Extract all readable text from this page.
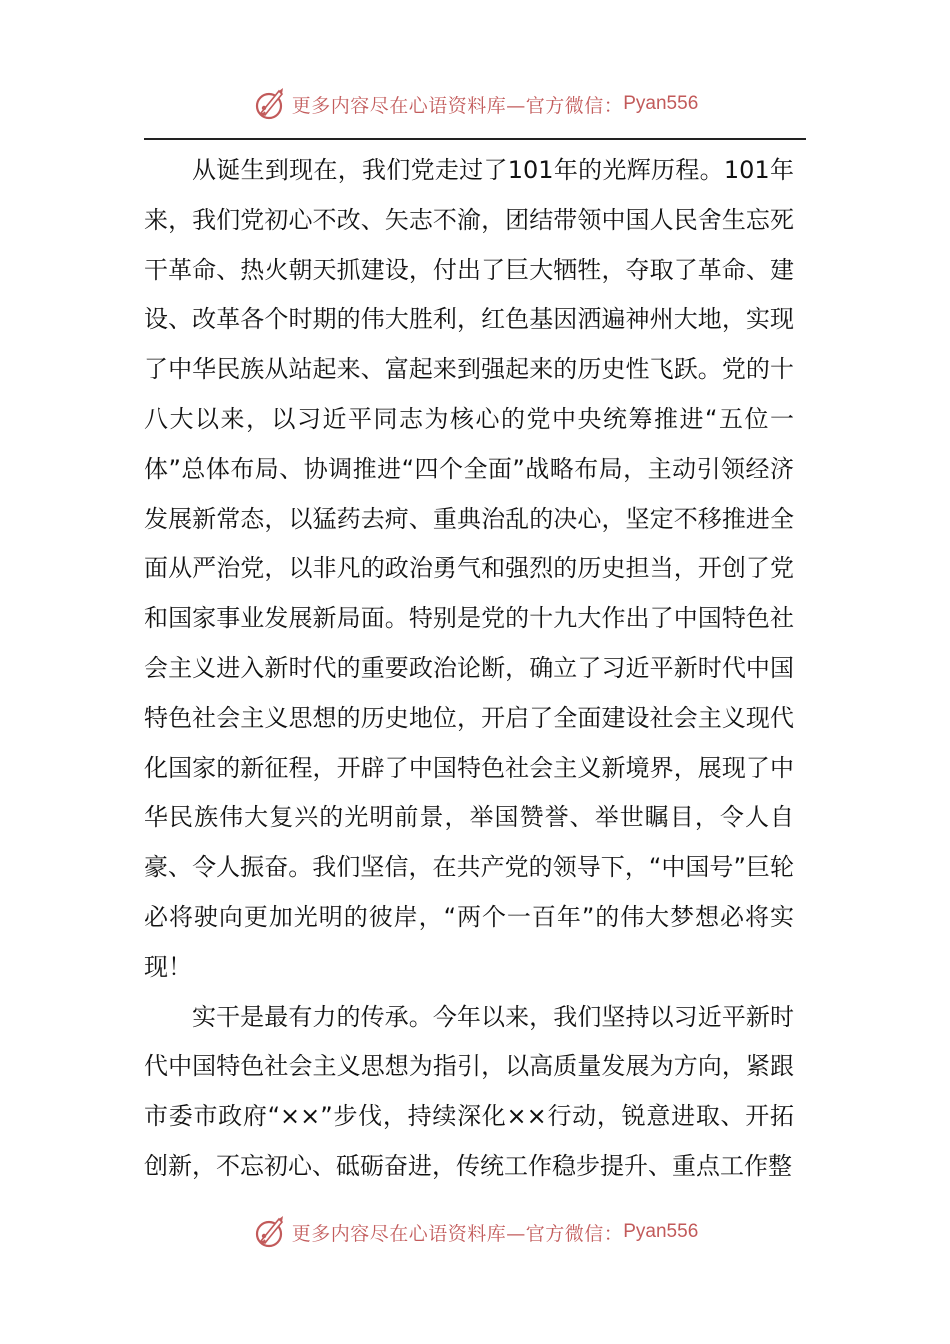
更多内容尽在心语资料库—官方微信： Pyan556

从诞生到现在，我们党走过了101年的光辉历程。101年来，我们党初心不改、矢志不渝，团结带领中国人民舍生忘死干革命、热火朝天抓建设，付出了巨大牺牲，夺取了革命、建设、改革各个时期的伟大胜利，红色基因洒遍神州大地，实现了中华民族从站起来、富起来到强起来的历史性飞跃。党的十八大以来，以习近平同志为核心的党中央统筹推进“五位一体”总体布局、协调推进“四个全面”战略布局，主动引领经济发展新常态，以猛药去疴、重典治乱的决心，坚定不移推进全面从严治党，以非凡的政治勇气和强烈的历史担当，开创了党和国家事业发展新局面。特别是党的十九大作出了中国特色社会主义进入新时代的重要政治论断，确立了习近平新时代中国特色社会主义思想的历史地位，开启了全面建设社会主义现代化国家的新征程，开辟了中国特色社会主义新境界，展现了中华民族伟大复兴的光明前景，举国赞誉、举世瞩目，令人自豪、令人振奋。我们坚信，在共产党的领导下，“中国号”巨轮必将驶向更加光明的彼岸，“两个一百年”的伟大梦想必将实现！

实干是最有力的传承。今年以来，我们坚持以习近平新时代中国特色社会主义思想为指引，以高质量发展为方向，紧跟市委市政府“××”步伐，持续深化××行动，锐意进取、开拓创新，不忘初心、砥砺奋进，传统工作稳步提升、重点工作整

更多内容尽在心语资料库—官方微信： Pyan556
